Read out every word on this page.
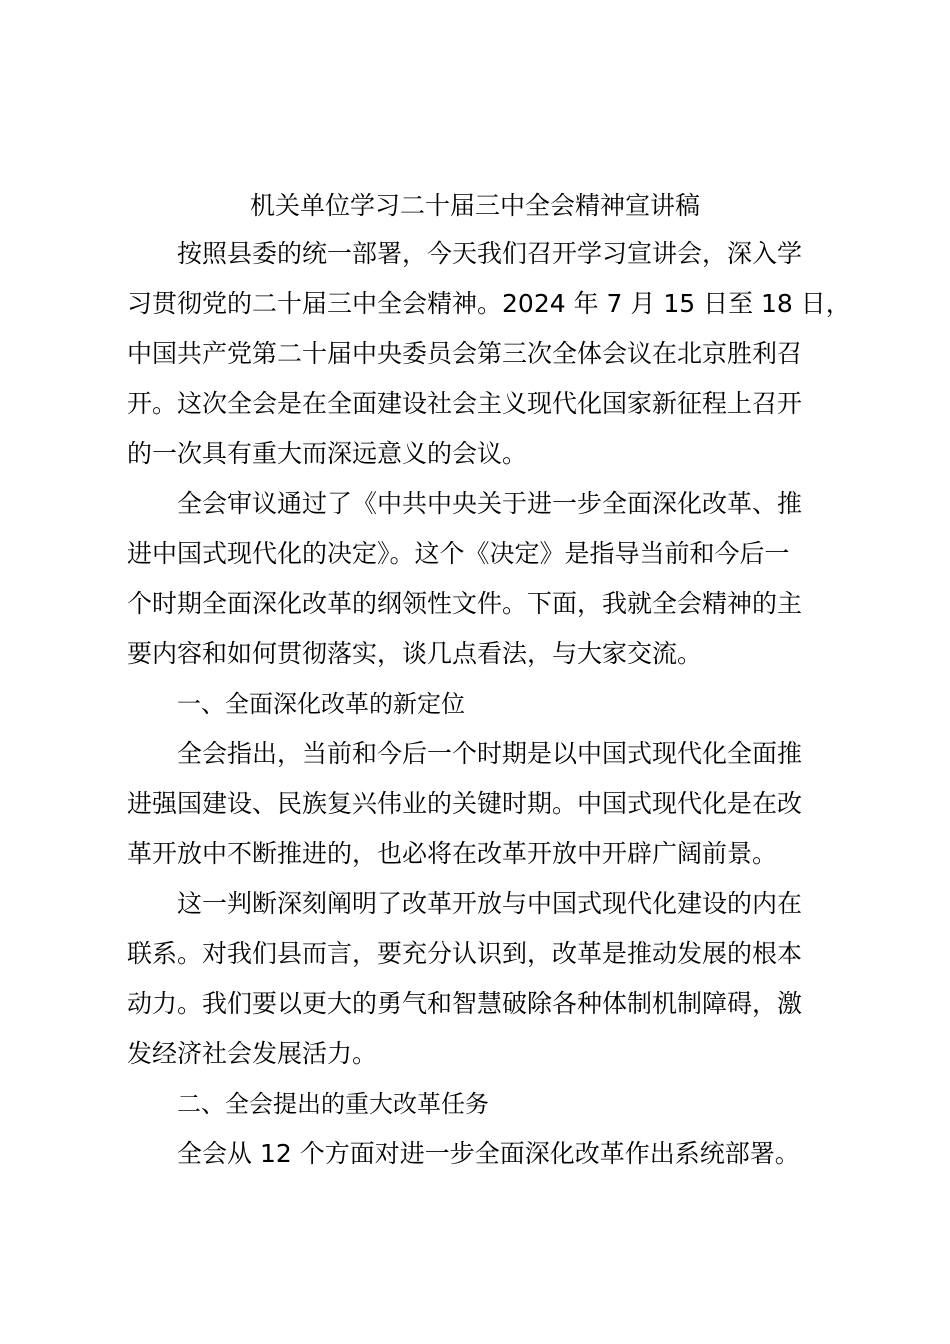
机关单位学习二十届三中全会精神宣讲稿

按照县委的统一部署，今天我们召开学习宣讲会，深入学

习贯彻党的二十届三中全会精神。2024 年 7 月 15 日至 18 日，

中国共产党第二十届中央委员会第三次全体会议在北京胜利召

开。这次全会是在全面建设社会主义现代化国家新征程上召开

的一次具有重大而深远意义的会议。

全会审议通过了《中共中央关于进一步全面深化改革、推

进中国式现代化的决定》。这个《决定》是指导当前和今后一

个时期全面深化改革的纲领性文件。下面，我就全会精神的主

要内容和如何贯彻落实，谈几点看法，与大家交流。

一、全面深化改革的新定位

全会指出，当前和今后一个时期是以中国式现代化全面推

进强国建设、民族复兴伟业的关键时期。中国式现代化是在改

革开放中不断推进的，也必将在改革开放中开辟广阔前景。

这一判断深刻阐明了改革开放与中国式现代化建设的内在

联系。对我们县而言，要充分认识到，改革是推动发展的根本

动力。我们要以更大的勇气和智慧破除各种体制机制障碍，激

发经济社会发展活力。

二、全会提出的重大改革任务

全会从 12 个方面对进一步全面深化改革作出系统部署。
